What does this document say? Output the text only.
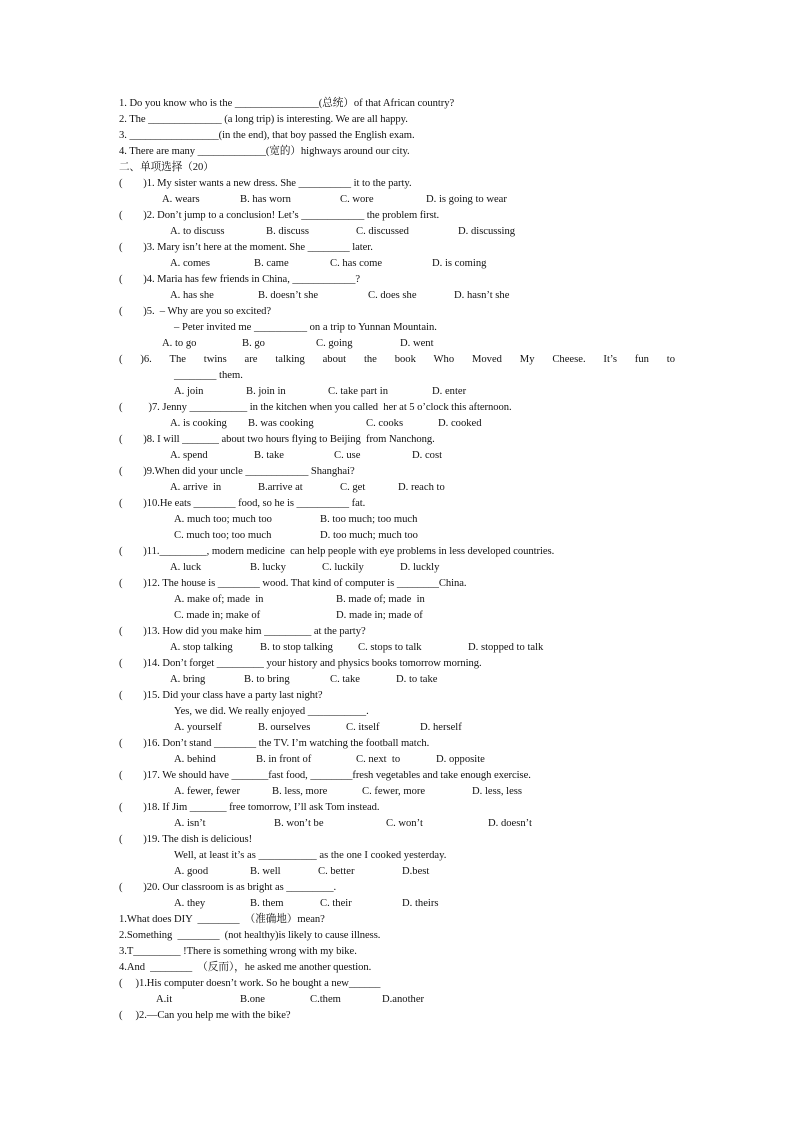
1. Do you know who is the ________________(总统）of that African country?
2. The ______________ (a long trip) is interesting. We are all happy.
3. _________________(in the end), that boy passed the English exam.
4. There are many _____________(宽的）highways around our city.
二、单项选择（20）
(        )1. My sister wants a new dress. She __________ it to the party.
A. wears	B. has worn	C. wore	D. is going to wear
(        )2. Don’t jump to a conclusion! Let’s ____________ the problem first.
A. to discuss	B. discuss	C. discussed	D. discussing
(        )3. Mary isn’t here at the moment. She ________ later.
A. comes	B. came	C. has come	D. is coming
(        )4. Maria has few friends in China, ____________?
A. has she	B. doesn’t she	C. does she	D. hasn’t she
(        )5.  – Why are you so excited?
– Peter invited me __________ on a trip to Yunnan Mountain.
A. to go	B. go	C. going	D. went
( )6. The twins are talking about the book Who Moved My Cheese. It’s fun to
________ them.
A. join	B. join in	C. take part in	D. enter
(          )7. Jenny ___________ in the kitchen when you called  her at 5 o’clock this afternoon.
A. is cooking B. was cooking	C. cooks	D. cooked
(        )8. I will _______ about two hours flying to Beijing  from Nanchong.
A. spend	B. take	C. use	D. cost
(        )9.When did your uncle ____________ Shanghai?
A. arrive  in	B.arrive at	C. get	D. reach to
(        )10.He eats ________ food, so he is __________ fat.
A. much too; much too	B. too much; too much
C. much too; too much	D. too much; much too
(        )11._________, modern medicine  can help people with eye problems in less developed countries.
A. luck	B. lucky	C. luckily	D. luckly
(        )12. The house is ________ wood. That kind of computer is ________China.
A. make of; made  in	B. made of; made  in
C. made in; make of	D. made in; made of
(        )13. How did you make him _________ at the party?
A. stop talking	B. to stop talking C. stops to talk	D. stopped to talk
(        )14. Don’t forget _________ your history and physics books tomorrow morning.
A. bring	B. to bring	C. take	D. to take
(        )15. Did your class have a party last night?
Yes, we did. We really enjoyed ___________.
A. yourself	B. ourselves	C. itself	D. herself
(        )16. Don’t stand ________ the TV. I’m watching the football match.
A. behind	B. in front of	C. next  to	D. opposite
(        )17. We should have _______fast food, ________fresh vegetables and take enough exercise.
A. fewer, fewer	B. less, more	C. fewer, more	D. less, less
(        )18. If Jim _______ free tomorrow, I’ll ask Tom instead.
A. isn’t	B. won’t be	C. won’t	D. doesn’t
(        )19. The dish is delicious!
Well, at least it’s as ___________ as the one I cooked yesterday.
A. good	B. well	C. better	D.best
(        )20. Our classroom is as bright as _________.
A. they	B. them	C. their	D. theirs
1.What does DIY  ________  （准确地）mean?
2.Something  ________  (not healthy)is likely to cause illness.
3.T_________ !There is something wrong with my bike.
4.And  ________  （反而），he asked me another question.
(     )1.His computer doesn’t work. So he bought a new______
A.it	B.one	C.them	D.another
(     )2.—Can you help me with the bike?
